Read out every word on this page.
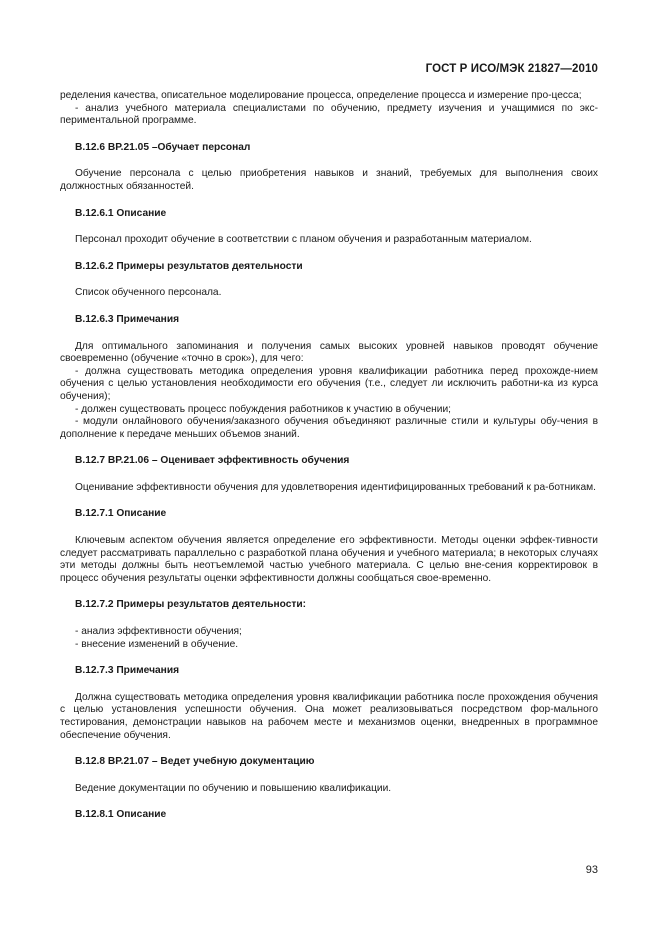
ГОСТ Р ИСО/МЭК 21827—2010

ределения качества, описательное моделирование процесса, определение процесса и измерение про-цесса;

- анализ учебного материала специалистами по обучению, предмету изучения и учащимися по экс-периментальной программе.

B.12.6 BP.21.05 –Обучает персонал

Обучение персонала с целью приобретения навыков и знаний, требуемых для выполнения своих должностных обязанностей.

B.12.6.1 Описание

Персонал проходит обучение в соответствии с планом обучения и разработанным материалом.

B.12.6.2 Примеры результатов деятельности

Список обученного персонала.

B.12.6.3 Примечания

Для оптимального запоминания и получения самых высоких уровней навыков проводят обучение своевременно (обучение «точно в срок»), для чего:

- должна существовать методика определения уровня квалификации работника перед прохожде-нием обучения с целью установления необходимости его обучения (т.е., следует ли исключить работни-ка из курса обучения);

- должен существовать процесс побуждения работников к участию в обучении;

- модули онлайнового обучения/заказного обучения объединяют различные стили и культуры обу-чения в дополнение к передаче меньших объемов знаний.

B.12.7 BP.21.06 – Оценивает эффективность обучения

Оценивание эффективности обучения для удовлетворения идентифицированных требований к ра-ботникам.

B.12.7.1 Описание

Ключевым аспектом обучения является определение его эффективности. Методы оценки эффек-тивности следует рассматривать параллельно с разработкой плана обучения и учебного материала; в некоторых случаях эти методы должны быть неотъемлемой частью учебного материала. С целью вне-сения корректировок в процесс обучения результаты оценки эффективности должны сообщаться свое-временно.

B.12.7.2 Примеры результатов деятельности:

- анализ эффективности обучения;

- внесение изменений в обучение.

B.12.7.3 Примечания

Должна существовать методика определения уровня квалификации работника после прохождения обучения с целью установления успешности обучения. Она может реализовываться посредством фор-мального тестирования, демонстрации навыков на рабочем месте и механизмов оценки, внедренных в программное обеспечение обучения.

B.12.8 BP.21.07 – Ведет учебную документацию

Ведение документации по обучению и повышению квалификации.

B.12.8.1 Описание

93
